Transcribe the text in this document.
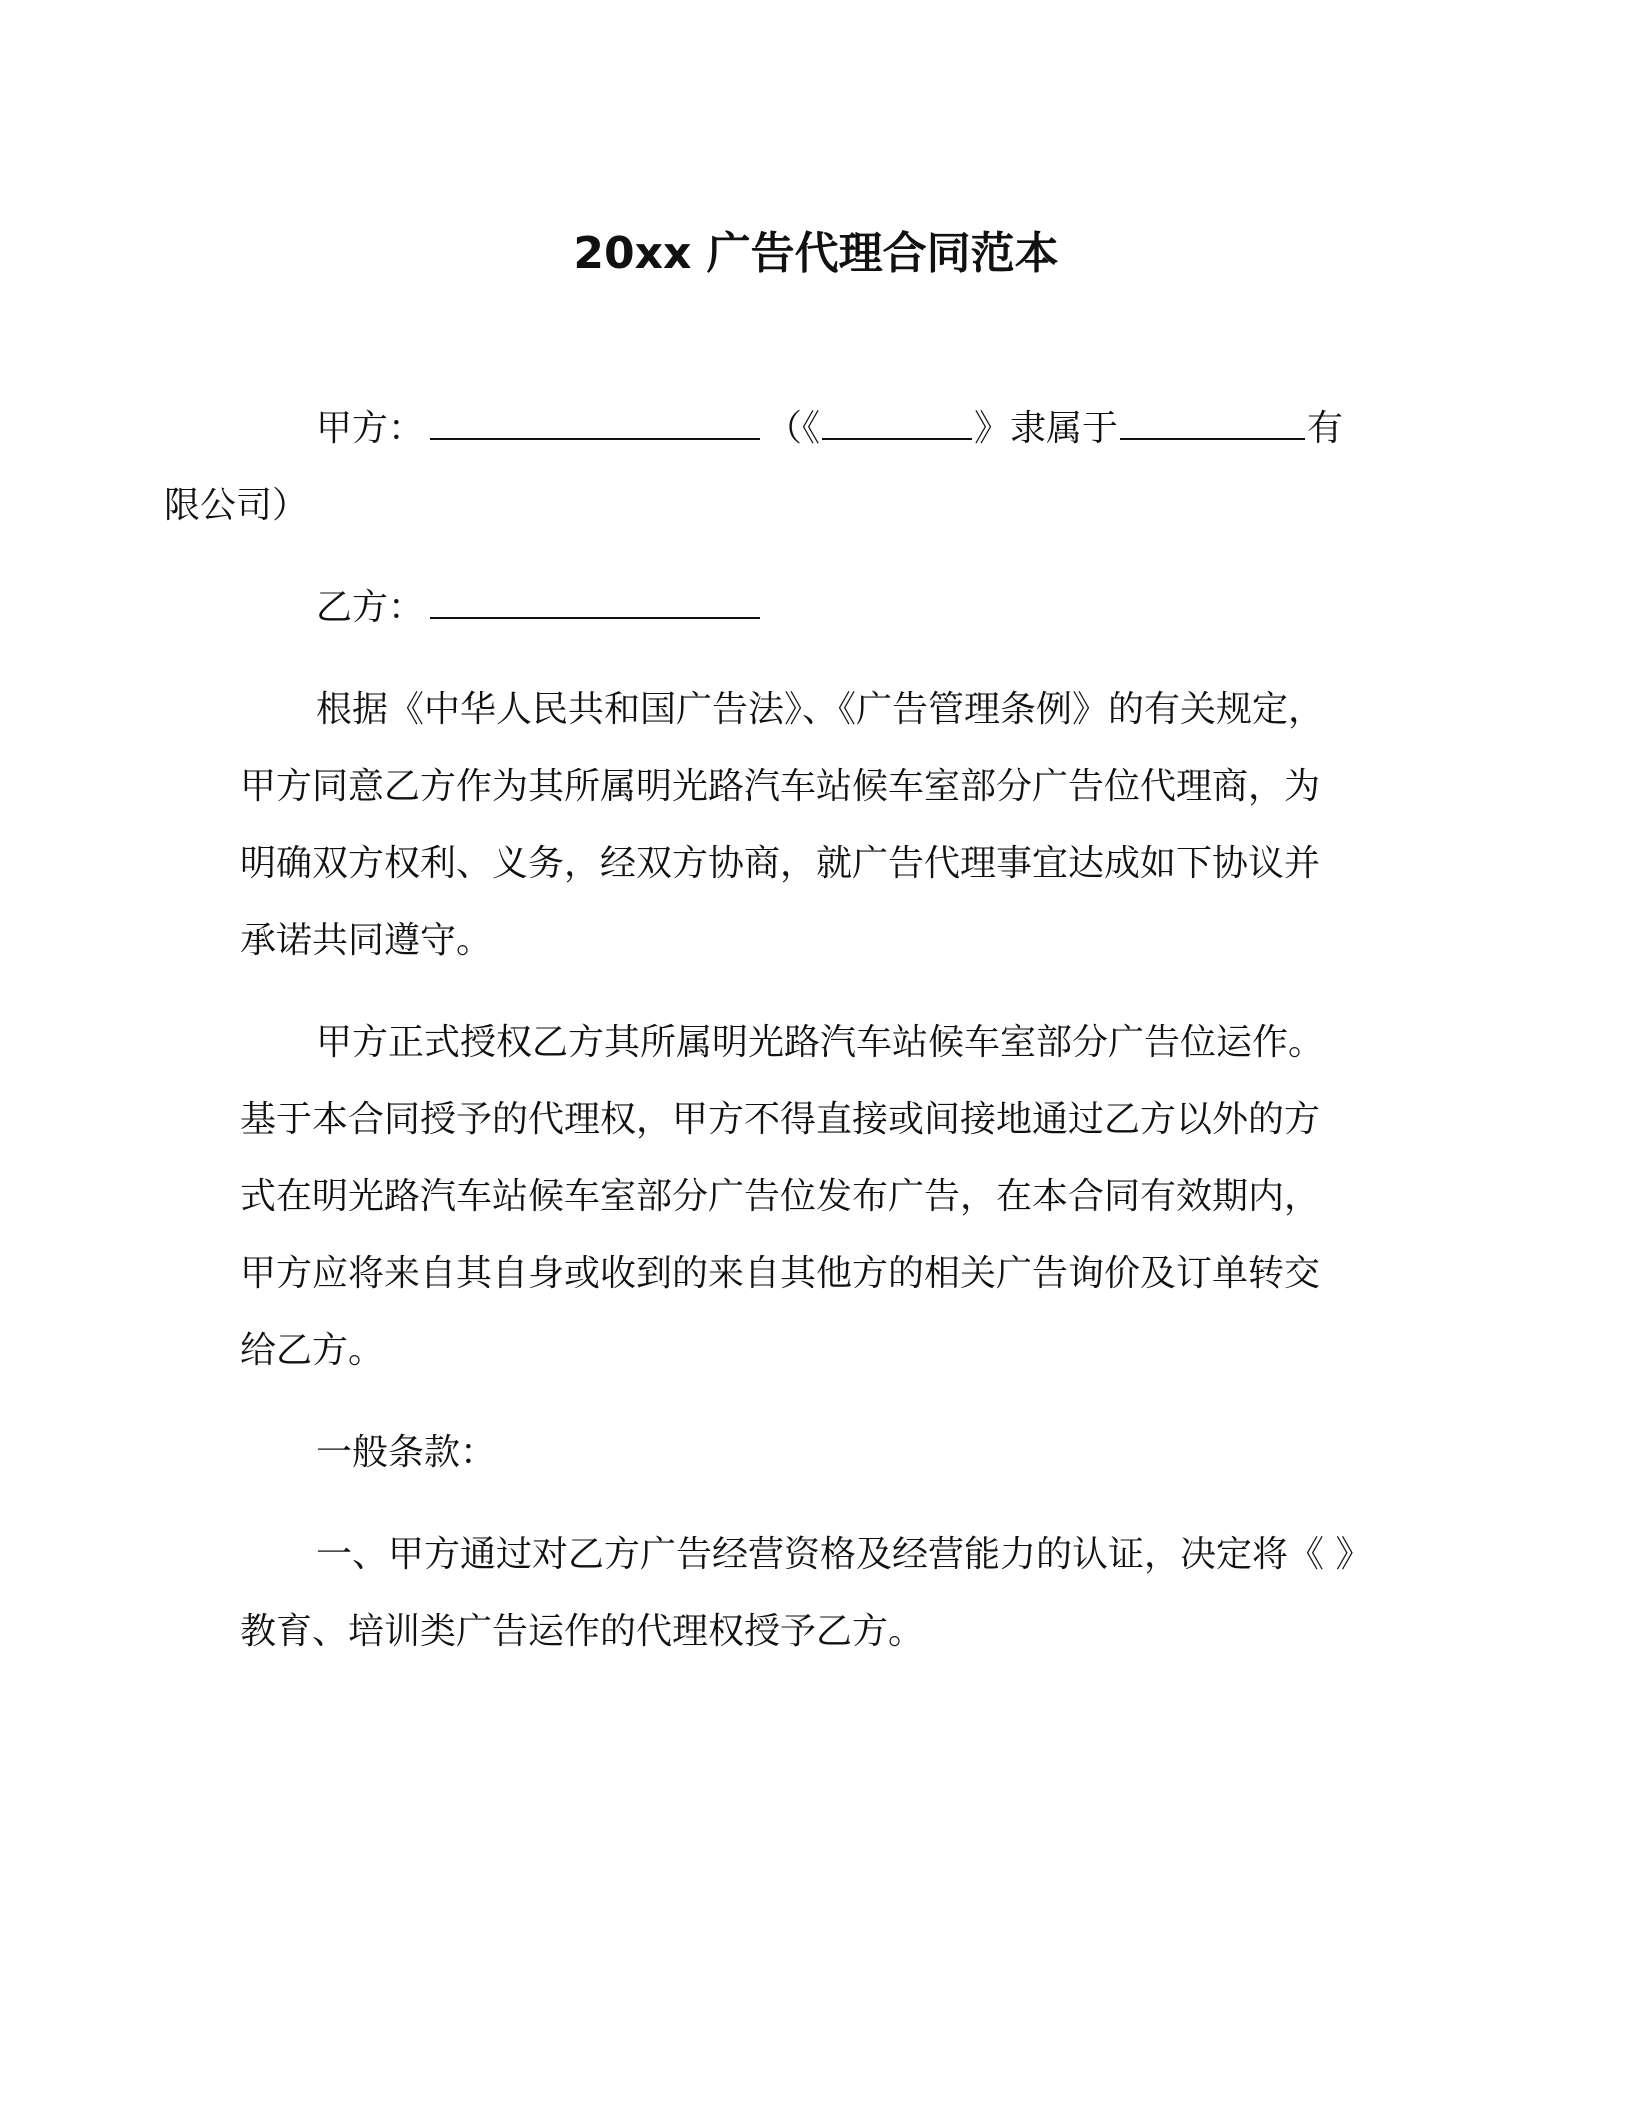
20xx 广告代理合同范本
甲方：	（《	》隶属于	有
限公司）
乙方：
根据《中华人民共和国广告法》、《广告管理条例》的有关规定，
甲方同意乙方作为其所属明光路汽车站候车室部分广告位代理商，为
明确双方权利、义务，经双方协商，就广告代理事宜达成如下协议并
承诺共同遵守。
甲方正式授权乙方其所属明光路汽车站候车室部分广告位运作。
基于本合同授予的代理权，甲方不得直接或间接地通过乙方以外的方
式在明光路汽车站候车室部分广告位发布广告，在本合同有效期内，
甲方应将来自其自身或收到的来自其他方的相关广告询价及订单转交
给乙方。
一般条款：
一、甲方通过对乙方广告经营资格及经营能力的认证，决定将《 》
教育、培训类广告运作的代理权授予乙方。
